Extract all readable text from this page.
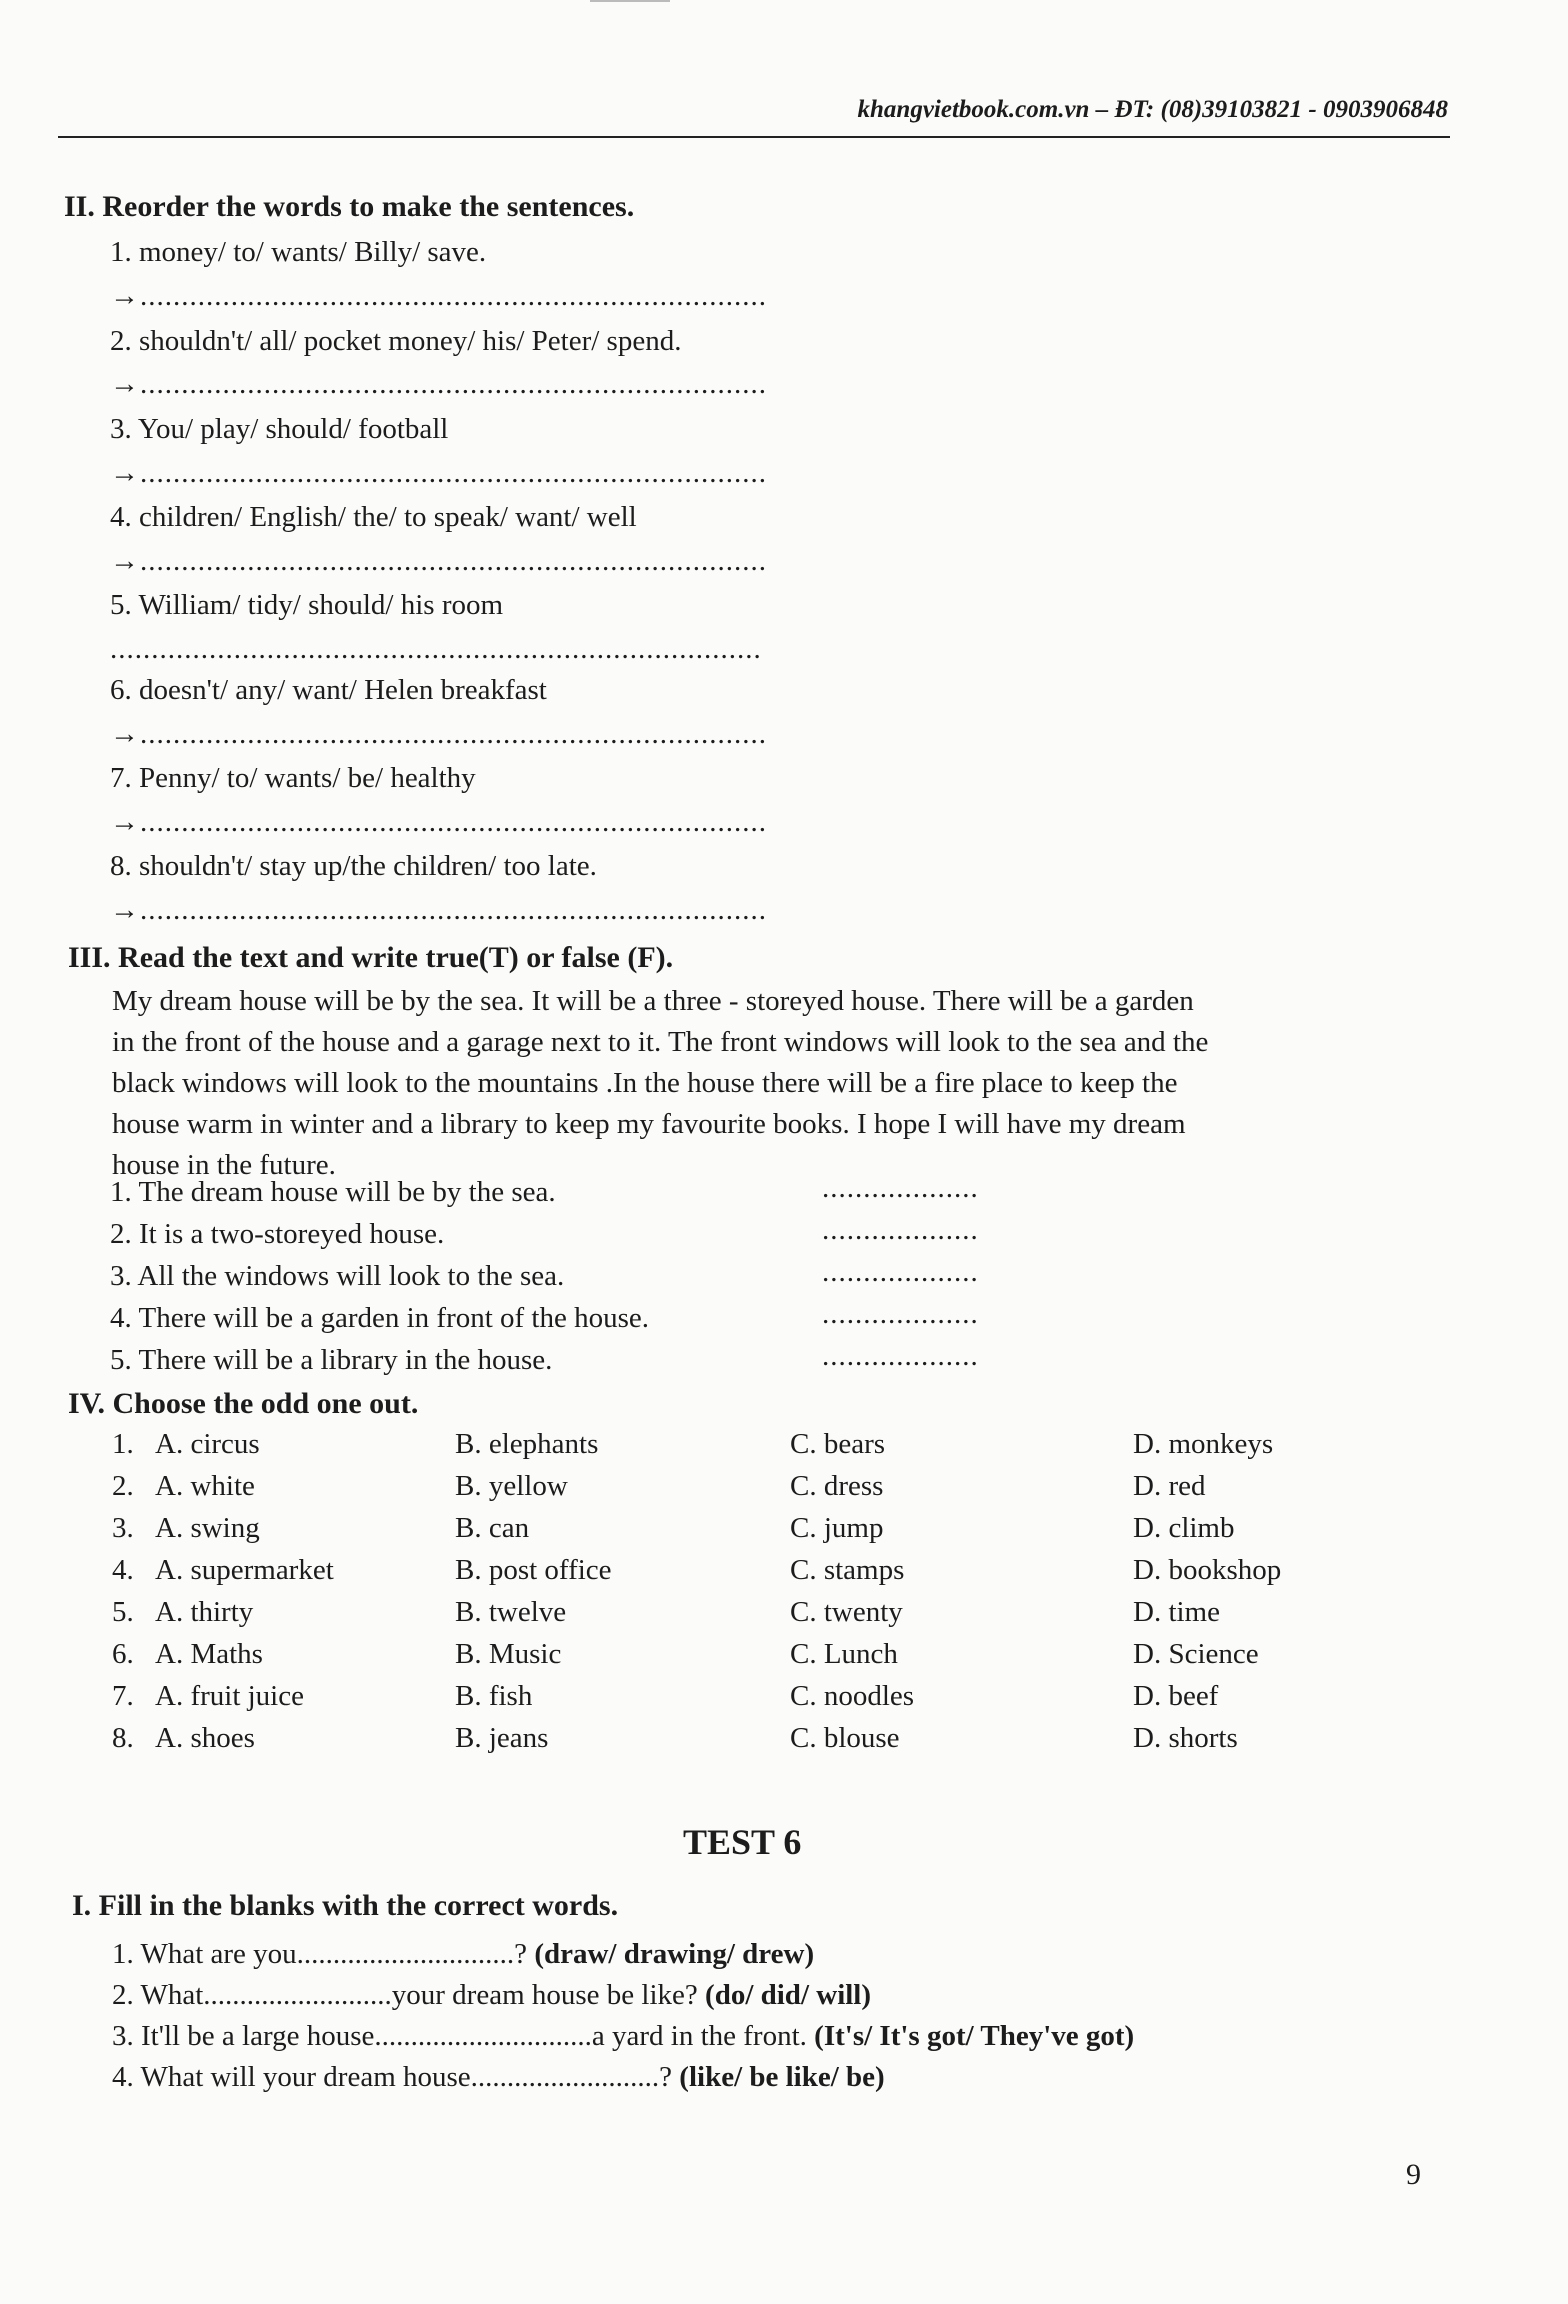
khangvietbook.com.vn – ĐT: (08)39103821 - 0903906848
II. Reorder the words to make the sentences.
1. money/ to/ wants/ Billy/ save.
→............................................................................
2. shouldn't/ all/ pocket money/ his/ Peter/ spend.
→............................................................................
3. You/ play/ should/ football
→............................................................................
4. children/ English/ the/ to speak/ want/ well
→............................................................................
5. William/ tidy/ should/ his room
...............................................................................
6. doesn't/ any/ want/ Helen breakfast
→............................................................................
7. Penny/ to/ wants/ be/ healthy
→............................................................................
8. shouldn't/ stay up/the children/ too late.
→............................................................................
III. Read the text and write true(T) or false (F).
My dream house will be by the sea. It will be a three - storeyed house. There will be a garden
in the front of the house and a garage next to it. The front windows will look to the sea and the
black windows will look to the mountains .In the house there will be a fire place to keep the
house warm in winter and a library to keep my favourite books. I hope I will have my dream
house in the future.
1. The dream house will be by the sea.	...................
2. It is a two-storeyed house.	...................
3. All the windows will look to the sea.	...................
4. There will be a garden in front of the house.	...................
5. There will be a library in the house.	...................
IV. Choose the odd one out.
1. A. circus	B. elephants	C. bears	D. monkeys
2. A. white	B. yellow	C. dress	D. red
3. A. swing	B. can	C. jump	D. climb
4. A. supermarket	B. post office	C. stamps	D. bookshop
5. A. thirty	B. twelve	C. twenty	D. time
6. A. Maths	B. Music	C. Lunch	D. Science
7. A. fruit juice	B. fish	C. noodles	D. beef
8. A. shoes	B. jeans	C. blouse	D. shorts
TEST 6
I. Fill in the blanks with the correct words.
1. What are you..............................? (draw/ drawing/ drew)
2. What..........................your dream house be like? (do/ did/ will)
3. It'll be a large house..............................a yard in the front. (It's/ It's got/ They've got)
4. What will your dream house..........................? (like/ be like/ be)
9
